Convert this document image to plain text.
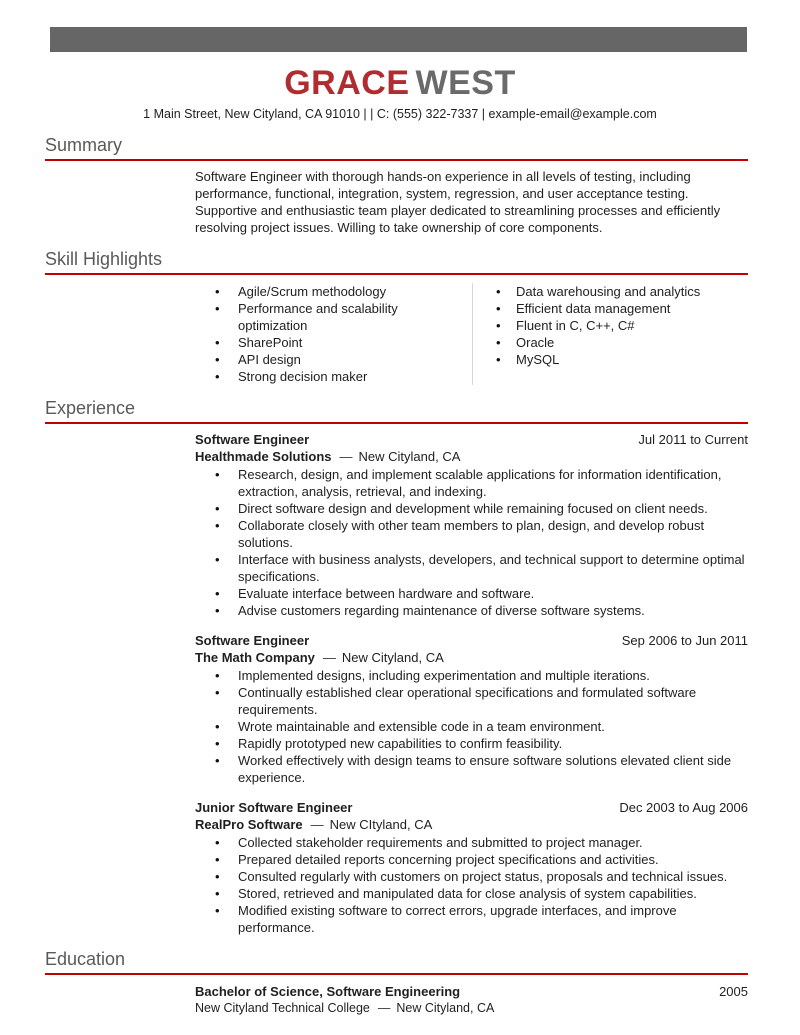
GRACE WEST
1 Main Street, New Cityland, CA 91010 | | C: (555) 322-7337 | example-email@example.com
Summary

Software Engineer with thorough hands-on experience in all levels of testing, including performance, functional, integration, system, regression, and user acceptance testing. Supportive and enthusiastic team player dedicated to streamlining processes and efficiently resolving project issues. Willing to take ownership of core components.

Skill Highlights
• Agile/Scrum methodology
• Performance and scalability optimization
• SharePoint
• API design
• Strong decision maker
• Data warehousing and analytics
• Efficient data management
• Fluent in C, C++, C#
• Oracle
• MySQL
Experience
Software Engineer	Jul 2011 to Current
Healthmade Solutions — New Cityland, CA
• Research, design, and implement scalable applications for information identification, extraction, analysis, retrieval, and indexing.
• Direct software design and development while remaining focused on client needs.
• Collaborate closely with other team members to plan, design, and develop robust solutions.
• Interface with business analysts, developers, and technical support to determine optimal specifications.
• Evaluate interface between hardware and software.
• Advise customers regarding maintenance of diverse software systems.
Software Engineer	Sep 2006 to Jun 2011
The Math Company — New Cityland, CA
• Implemented designs, including experimentation and multiple iterations.
• Continually established clear operational specifications and formulated software requirements.
• Wrote maintainable and extensible code in a team environment.
• Rapidly prototyped new capabilities to confirm feasibility.
• Worked effectively with design teams to ensure software solutions elevated client side experience.
Junior Software Engineer	Dec 2003 to Aug 2006
RealPro Software — New CItyland, CA
• Collected stakeholder requirements and submitted to project manager.
• Prepared detailed reports concerning project specifications and activities.
• Consulted regularly with customers on project status, proposals and technical issues.
• Stored, retrieved and manipulated data for close analysis of system capabilities.
• Modified existing software to correct errors, upgrade interfaces, and improve performance.
Education
Bachelor of Science, Software Engineering	2005
New Cityland Technical College — New Cityland, CA
